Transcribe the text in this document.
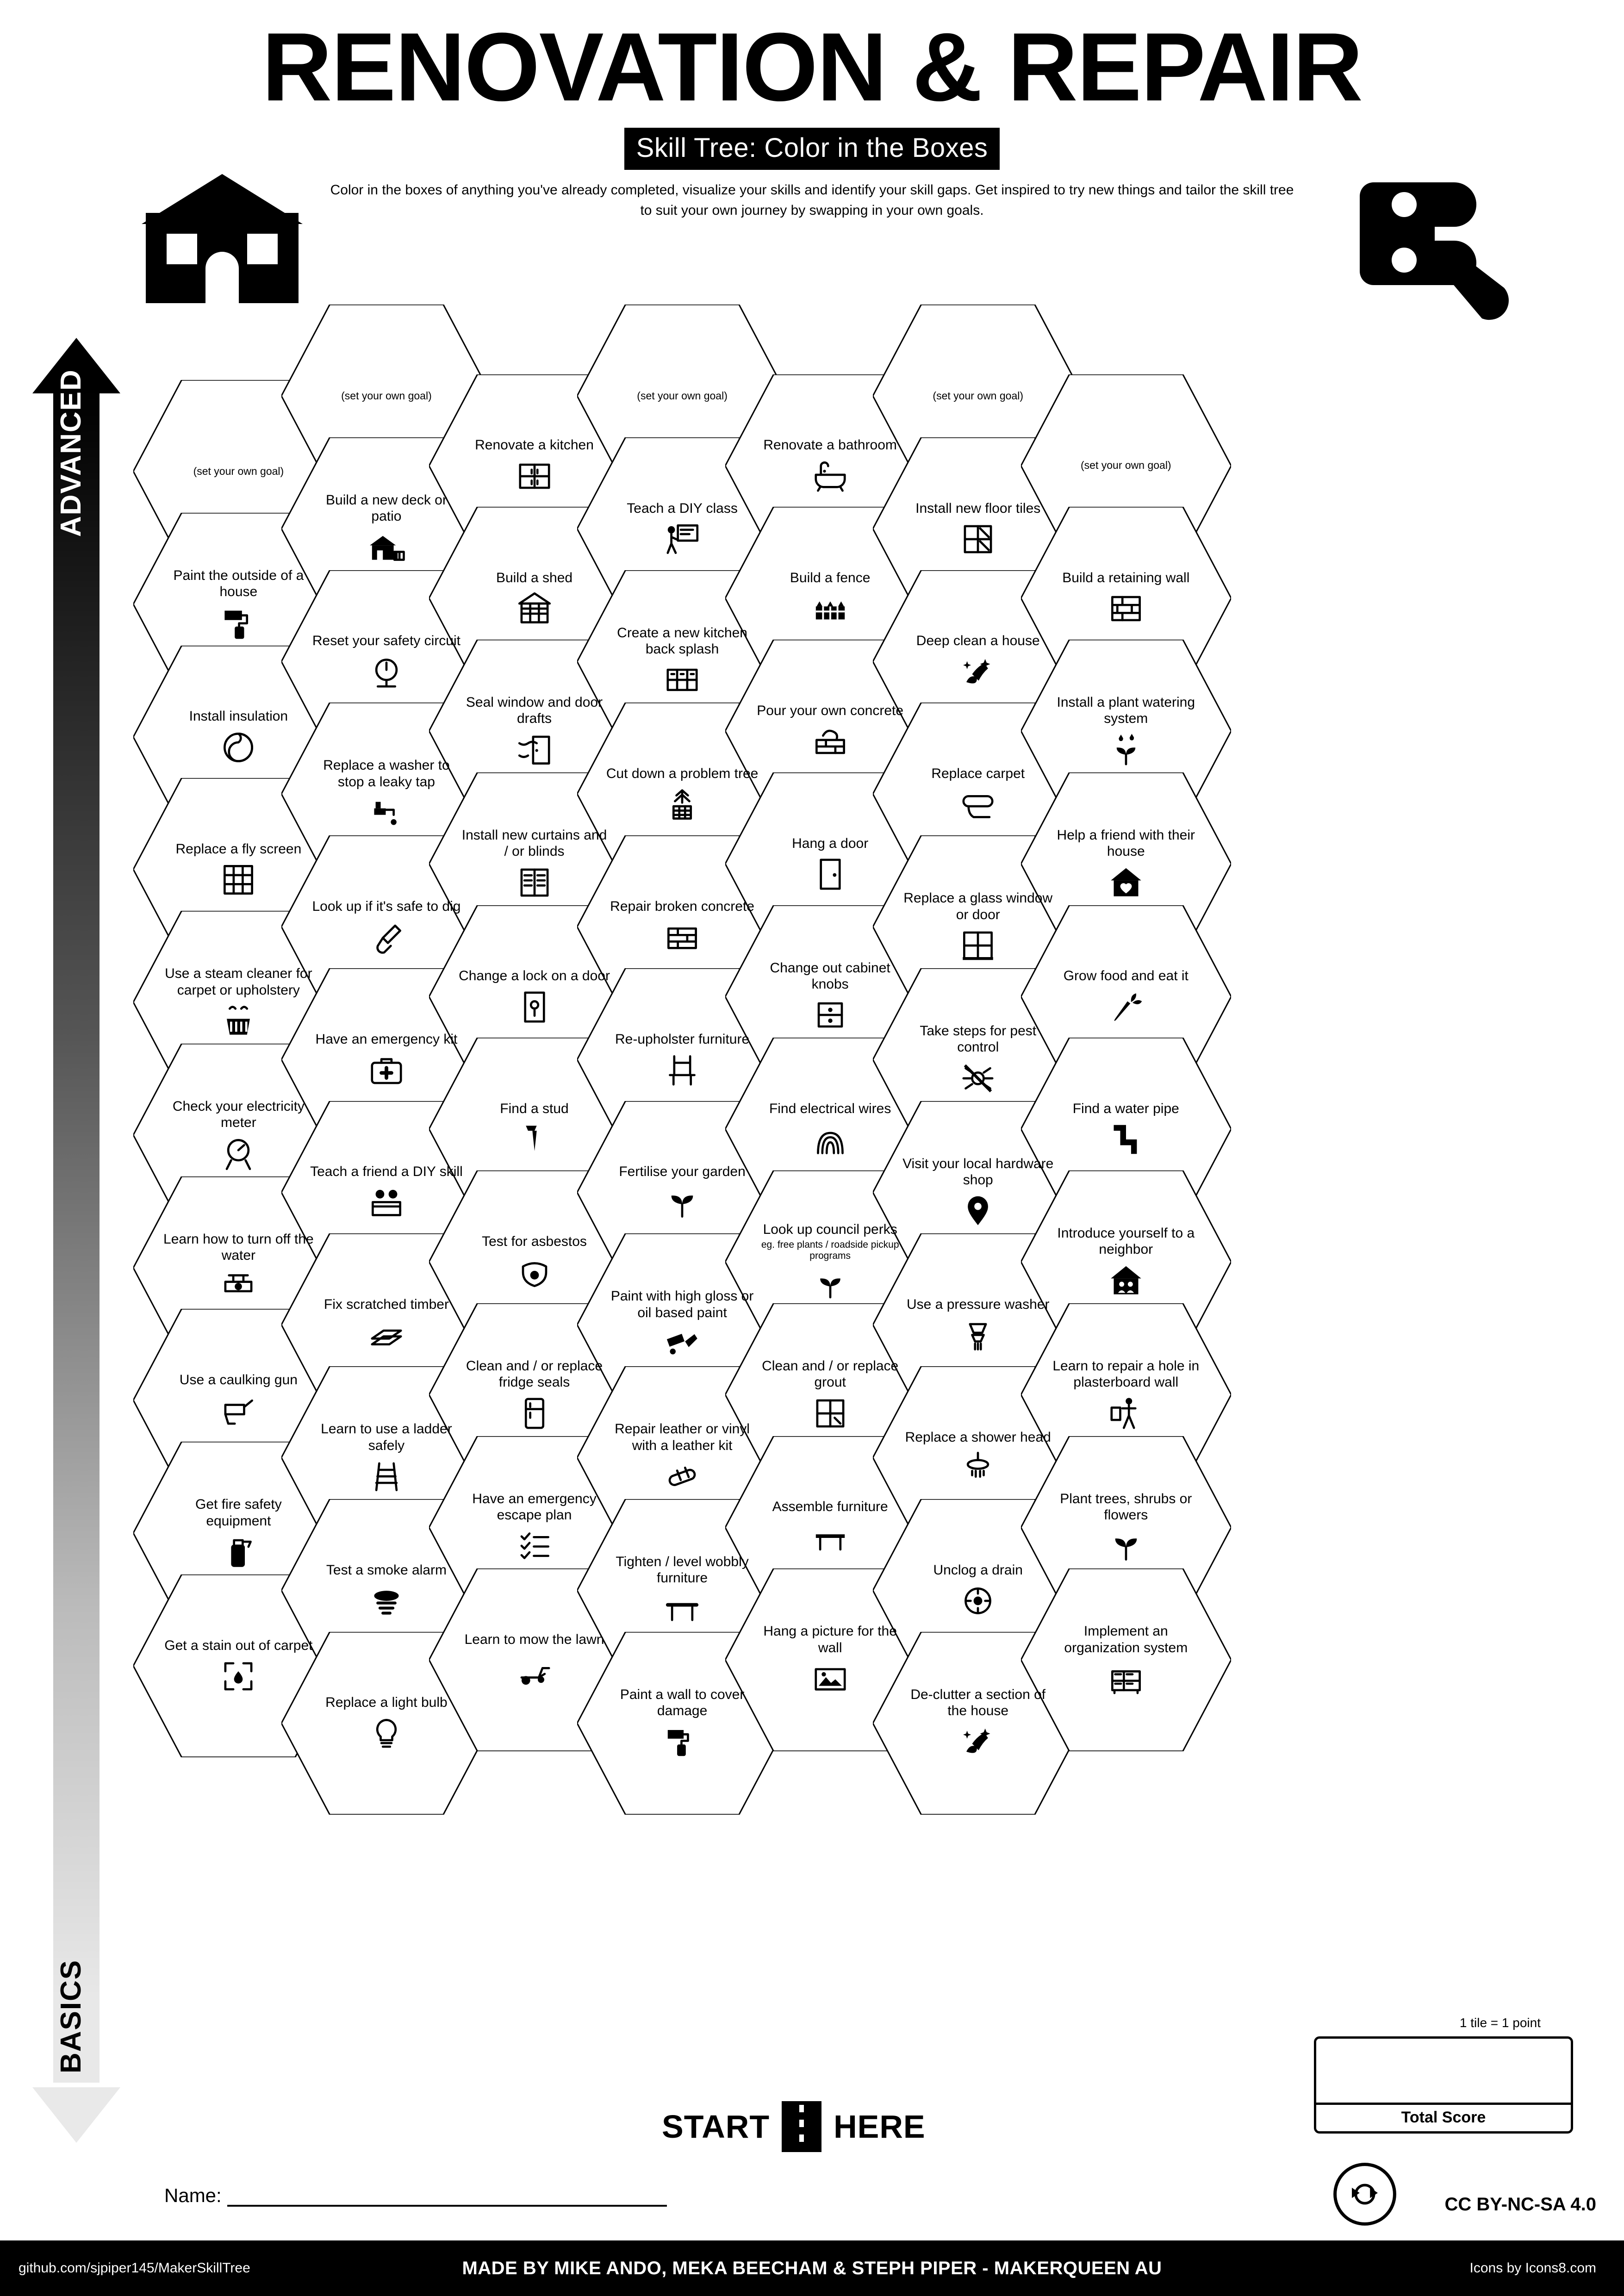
RENOVATION & REPAIR
Skill Tree: Color in the Boxes
Color in the boxes of anything you've already completed, visualize your skills and identify your skill gaps. Get inspired to try new things and tailor the skill tree to suit your own journey by swapping in your own goals.
ADVANCED
BASICS
(set your own goal)
Paint the outside of a house
Install insulation
Replace a fly screen
Use a steam cleaner for carpet or upholstery
Check your electricity meter
Learn how to turn off the water
Use a caulking gun
Get fire safety equipment
Get a stain out of carpet
(set your own goal)
Build a new deck or patio
Reset your safety circuit
Replace a washer to stop a leaky tap
Look up if it's safe to dig
Have an emergency kit
Teach a friend a DIY skill
Fix scratched timber
Learn to use a ladder safely
Test a smoke alarm
Replace a light bulb
Renovate a kitchen
Build a shed
Seal window and door drafts
Install new curtains and / or blinds
Change a lock on a door
Find a stud
Test for asbestos
Clean and / or replace fridge seals
Have an emergency escape plan
Learn to mow the lawn
(set your own goal)
Teach a DIY class
Create a new kitchen back splash
Cut down a problem tree
Repair broken concrete
Re-upholster furniture
Fertilise your garden
Paint with high gloss or oil based paint
Repair leather or vinyl with a leather kit
Tighten / level wobbly furniture
Paint a wall to cover damage
Renovate a bathroom
Build a fence
Pour your own concrete
Hang a door
Change out cabinet knobs
Find electrical wires
Look up council perks
eg. free plants / roadside pickup programs
Clean and / or replace grout
Assemble furniture
Hang a picture for the wall
(set your own goal)
Install new floor tiles
Deep clean a house
Replace carpet
Replace a glass window or door
Take steps for pest control
Visit your local hardware shop
Use a pressure washer
Replace a shower head
Unclog a drain
De-clutter a section of the house
(set your own goal)
Build a retaining wall
Install a plant watering system
Help a friend with their house
Grow food and eat it
Find a water pipe
Introduce yourself to a neighbor
Learn to repair a hole in plasterboard wall
Plant trees, shrubs or flowers
Implement an organization system
START HERE
1 tile = 1 point
Total Score
Name:	CC BY-NC-SA 4.0
github.com/sjpiper145/MakerSkillTree	MADE BY MIKE ANDO, MEKA BEECHAM & STEPH PIPER - MAKERQUEEN AU	Icons by Icons8.com
